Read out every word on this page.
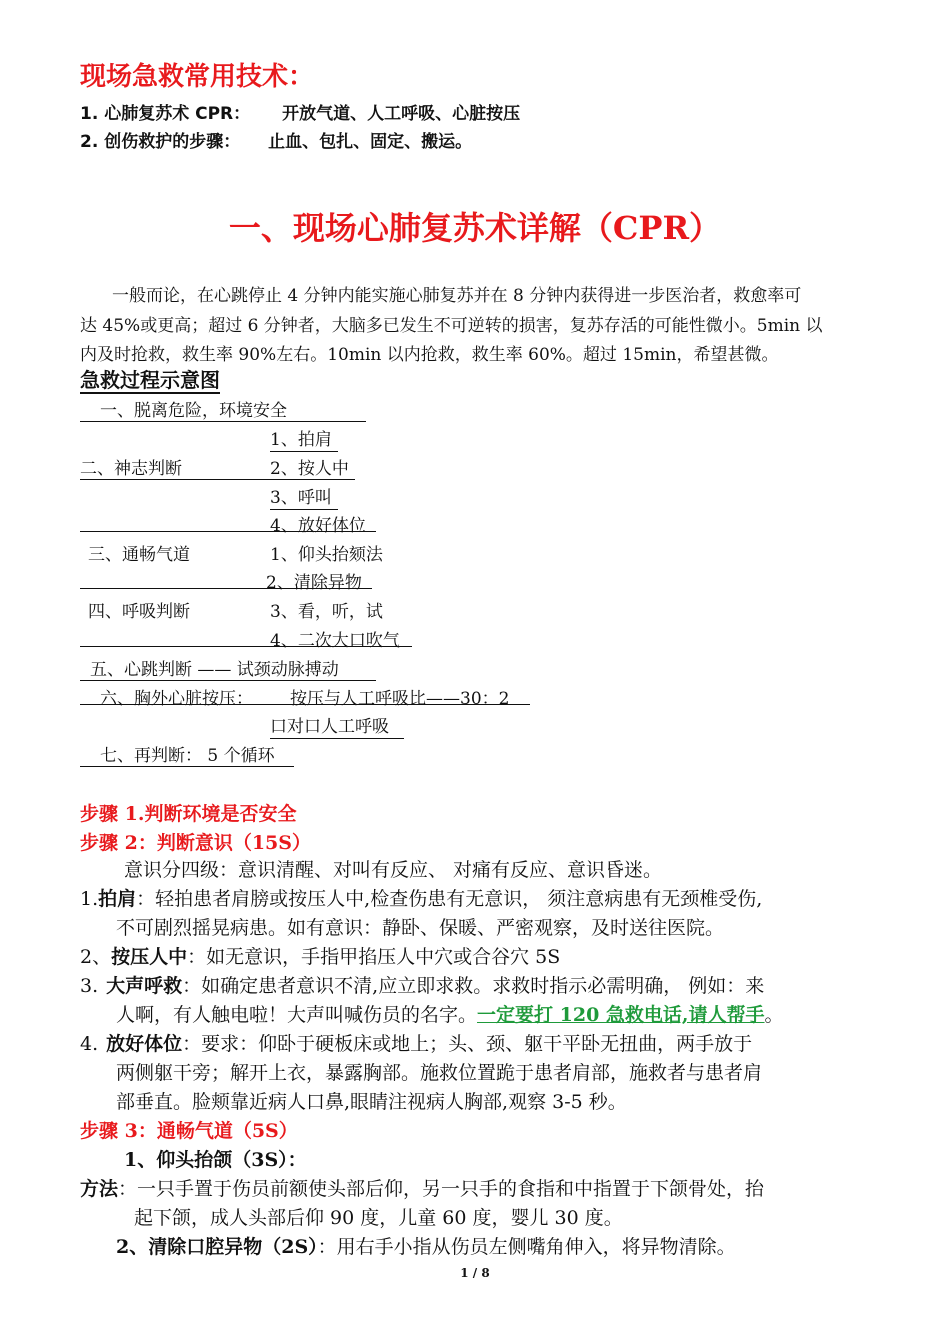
现场急救常用技术：
1. 心肺复苏术 CPR： 开放气道、人工呼吸、心脏按压
2. 创伤救护的步骤： 止血、包扎、固定、搬运。
一、现场心肺复苏术详解（CPR）
一般而论，在心跳停止 4 分钟内能实施心肺复苏并在 8 分钟内获得进一步医治者，救愈率可
达 45%或更高；超过 6 分钟者，大脑多已发生不可逆转的损害，复苏存活的可能性微小。5min 以
内及时抢救，救生率 90%左右。10min 以内抢救，救生率 60%。超过 15min，希望甚微。
急救过程示意图
一、脱离危险，环境安全
1、拍肩
二、神志判断	2、按人中
3、呼叫
4、放好体位

三、通畅气道	1、仰头抬颏法
2、清除异物

四、呼吸判断	3、看，听，试
4、二次大口吹气

五、心跳判断 —— 试颈动脉搏动
六、胸外心脏按压： 按压与人工呼吸比——30：2

口对口人工呼吸
七、再判断： 5 个循环
步骤 1.判断环境是否安全
步骤 2：判断意识（15S）
意识分四级：意识清醒、对叫有反应、 对痛有反应、意识昏迷。
1.拍肩：轻拍患者肩膀或按压人中,检查伤患有无意识， 须注意病患有无颈椎受伤,
不可剧烈摇晃病患。如有意识：静卧、保暖、严密观察，及时送往医院。
2、按压人中：如无意识，手指甲掐压人中穴或合谷穴 5S
3. 大声呼救：如确定患者意识不清,应立即求救。求救时指示必需明确， 例如：来
人啊，有人触电啦！大声叫喊伤员的名字。一定要打 120 急救电话,请人帮手。
4. 放好体位：要求：仰卧于硬板床或地上；头、颈、躯干平卧无扭曲，两手放于
两侧躯干旁；解开上衣，暴露胸部。施救位置跪于患者肩部，施救者与患者肩
部垂直。脸颊靠近病人口鼻,眼睛注视病人胸部,观察 3-5 秒。
步骤 3：通畅气道（5S）
1、仰头抬颌（3S）：
方法：一只手置于伤员前额使头部后仰，另一只手的食指和中指置于下颌骨处，抬
起下颌，成人头部后仰 90 度，儿童 60 度，婴儿 30 度。
2、清除口腔异物（2S）：用右手小指从伤员左侧嘴角伸入，将异物清除。
1 / 8
